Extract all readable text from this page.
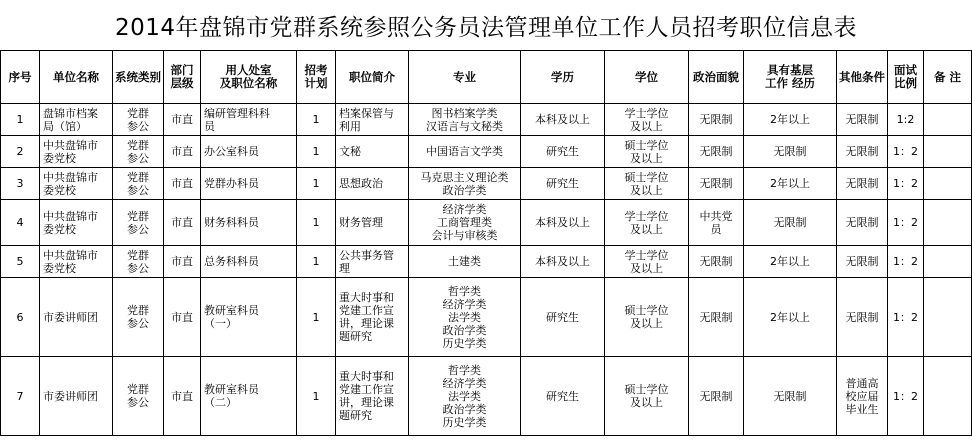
2014年盘锦市党群系统参照公务员法管理单位工作人员招考职位信息表
序号	单位名称	系统类别	部门层级	用人处室
及职位名称	招考
计划	职位简介	专业	学历	学位	政治面貌	具有基层
工作 经历	其他条件	面试
比例	备 注
1	盘锦市档案
局（馆）	党群
参公	市直	编研管理科科
员	1	档案保管与
利用	图书档案学类
汉语言与文秘类	本科及以上	学士学位
及以上	无限制	2年以上	无限制	1:2	
2	中共盘锦市
委党校	党群
参公	市直	办公室科员	1	文秘	中国语言文学类	研究生	硕士学位
及以上	无限制	无限制	无限制	1：2	
3	中共盘锦市
委党校	党群
参公	市直	党群办科员	1	思想政治	马克思主义理论类
政治学类	研究生	硕士学位
及以上	无限制	2年以上	无限制	1：2	
4	中共盘锦市
委党校	党群
参公	市直	财务科科员	1	财务管理	经济学类
工商管理类
会计与审核类	本科及以上	学士学位
及以上	中共党
员	无限制	无限制	1：2	
5	中共盘锦市
委党校	党群
参公	市直	总务科科员	1	公共事务管
理	土建类	本科及以上	学士学位
及以上	无限制	2年以上	无限制	1：2	
6	市委讲师团	党群
参公	市直	教研室科员
（一）	1	重大时事和
党建工作宣
讲，理论课
题研究	哲学类
经济学类
法学类
政治学类
历史学类	研究生	硕士学位
及以上	无限制	2年以上	无限制	1：2	
7	市委讲师团	党群
参公	市直	教研室科员
（二）	1	重大时事和
党建工作宣
讲，理论课
题研究	哲学类
经济学类
法学类
政治学类
历史学类	研究生	硕士学位
及以上	无限制	无限制	普通高
校应届
毕业生	1：2	
